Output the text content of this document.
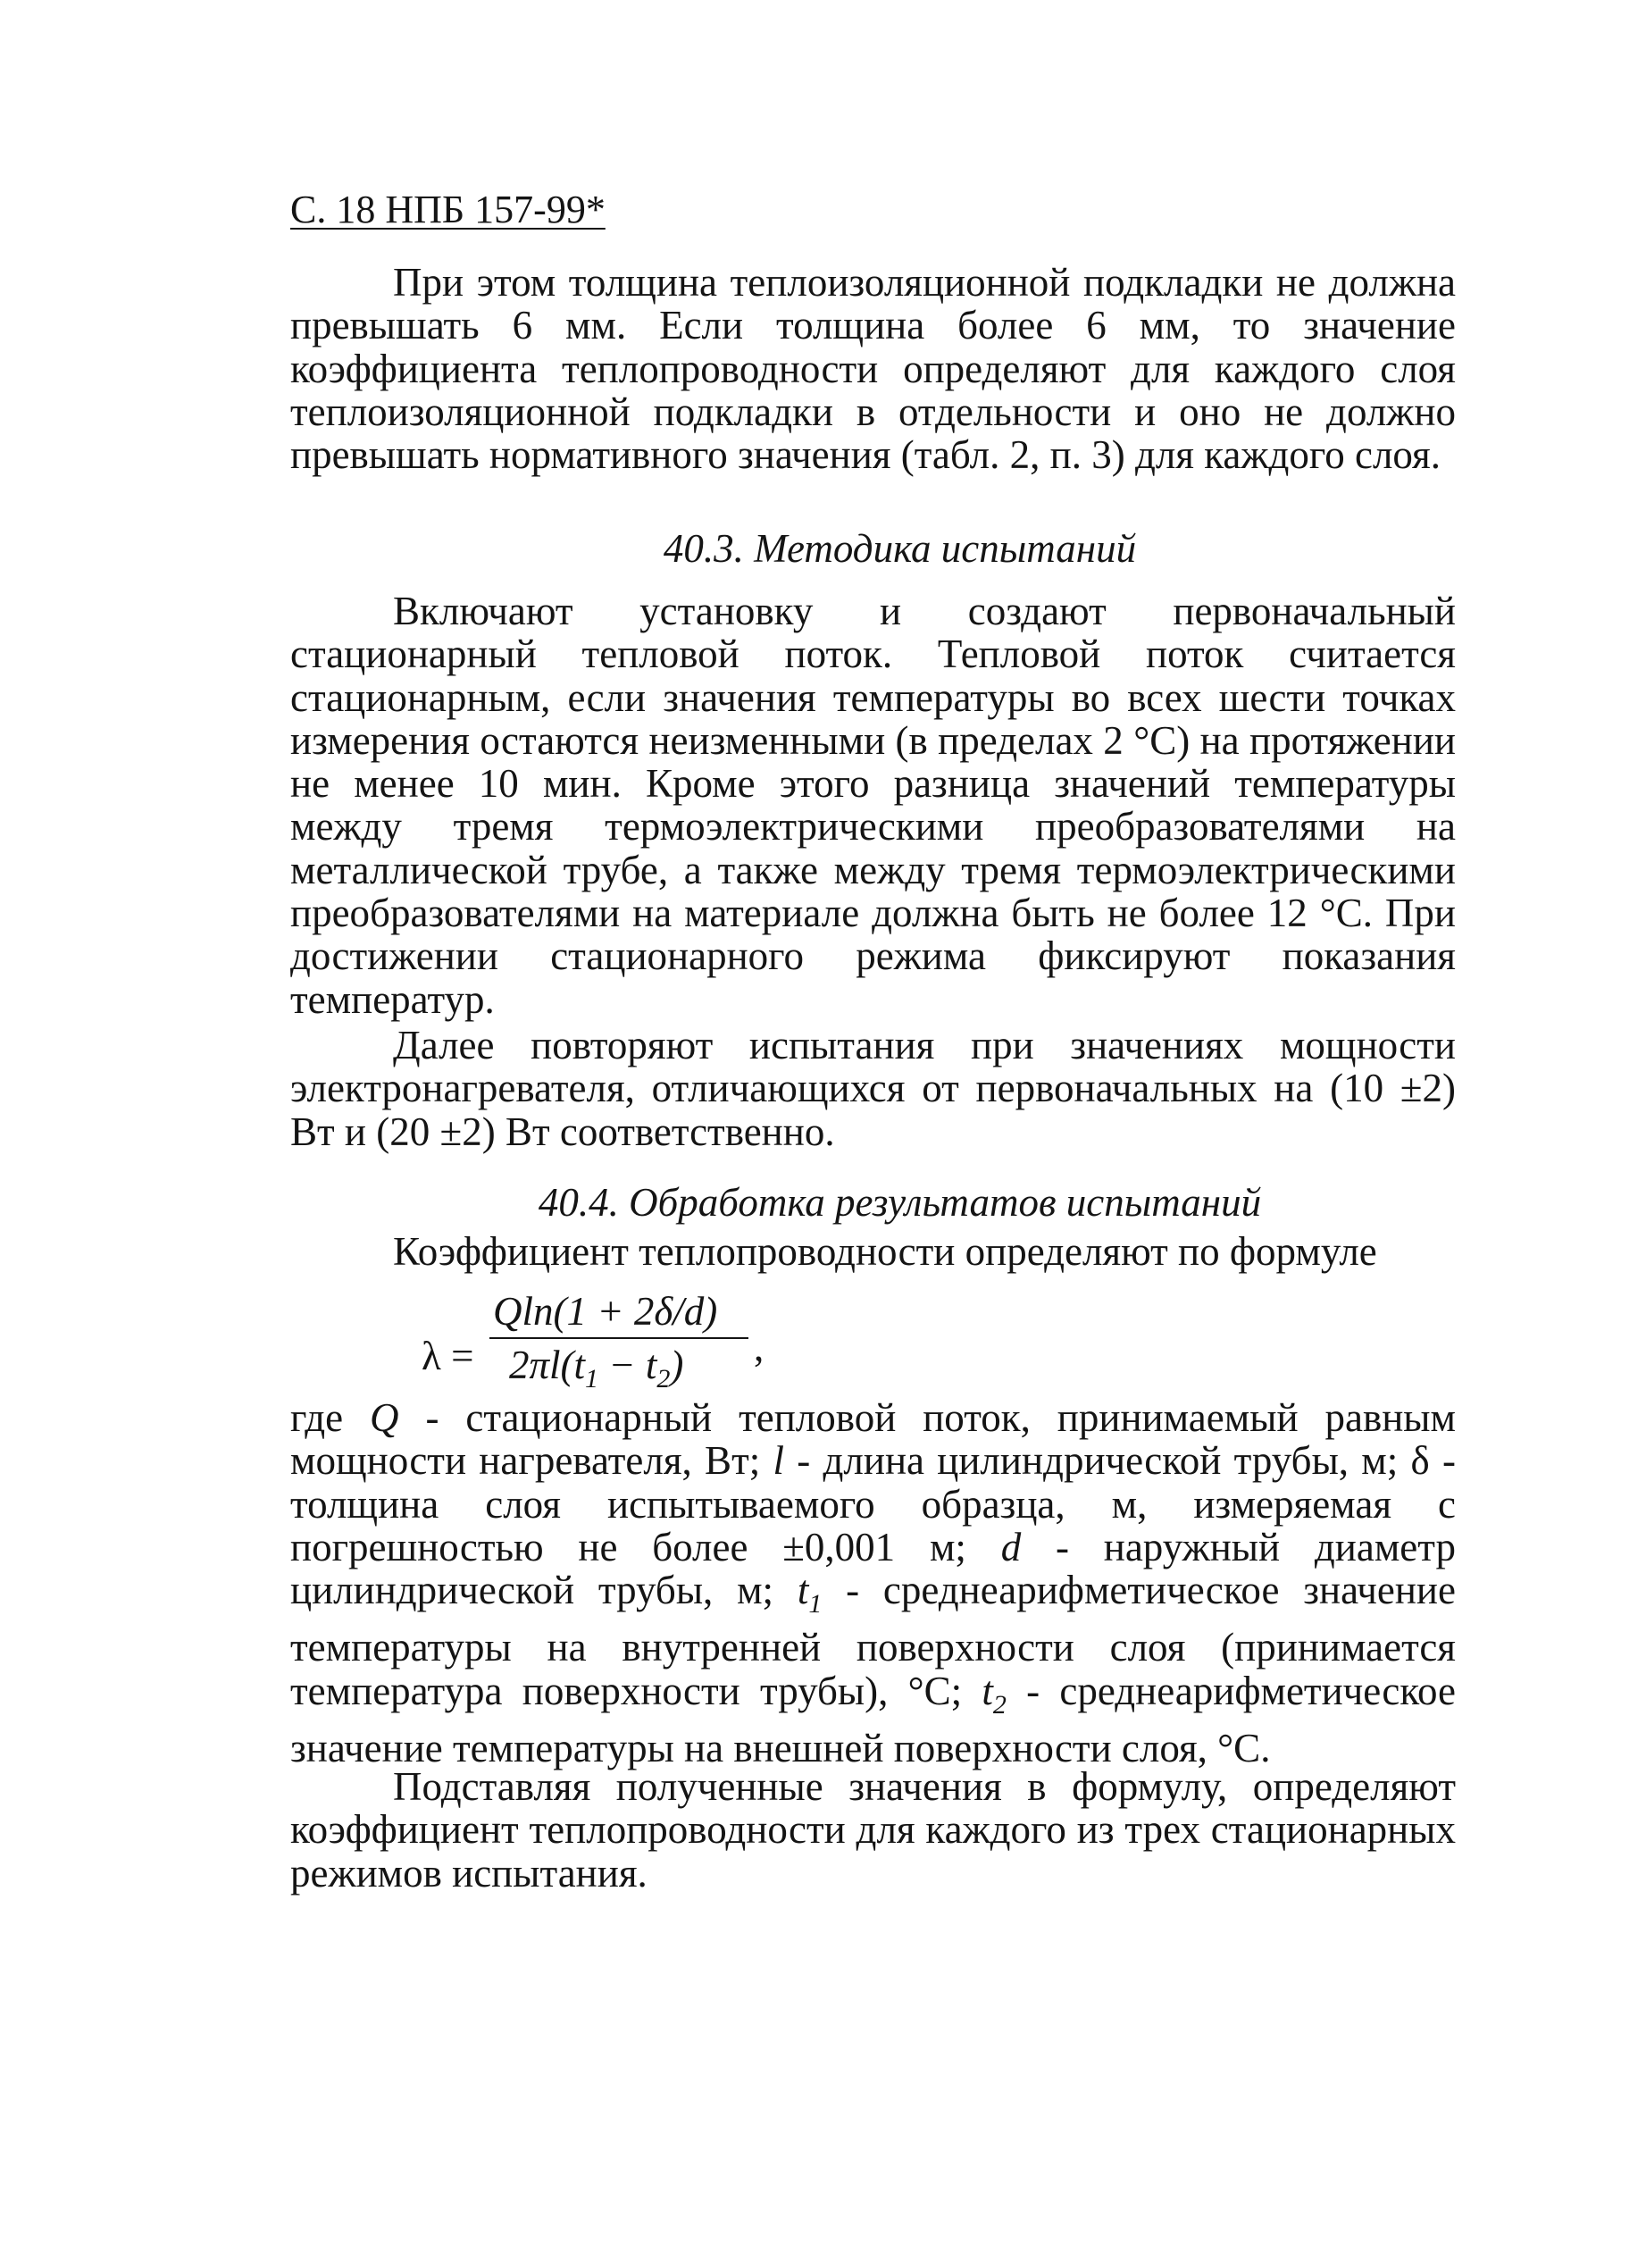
С. 18 НПБ 157-99*

При этом толщина теплоизоляционной подкладки не должна превышать 6 мм. Если толщина более 6 мм, то значение коэффициента теплопроводности определяют для каждого слоя теплоизоляционной подкладки в отдельности и оно не должно превышать нормативного значения (табл. 2, п. 3) для каждого слоя.

40.3. Методика испытаний

Включают установку и создают первоначальный стационарный тепловой поток. Тепловой поток считается стационарным, если значения температуры во всех шести точках измерения остаются неизменными (в пределах 2 °С) на протяжении не менее 10 мин. Кроме этого разница значений температуры между тремя термоэлектрическими преобразователями на металлической трубе, а также между тремя термоэлектрическими преобразователями на материале должна быть не более 12 °С. При достижении стационарного режима фиксируют показания температур.

Далее повторяют испытания при значениях мощности электронагревателя, отличающихся от первоначальных на (10 ±2) Вт и (20 ±2) Вт соответственно.

40.4. Обработка результатов испытаний
Коэффициент теплопроводности определяют по формуле
λ =
Qln(1 + 2δ/d)
$2\pi l(t_1 - t_2)$ ,

где Q - стационарный тепловой поток, принимаемый равным мощности нагревателя, Вт; l - длина цилиндрической трубы, м; δ - толщина слоя испытываемого образца, м, измеряемая с погрешностью не более ±0,001 м; d - наружный диаметр цилиндрической трубы, м; $t_1$ - среднеарифметическое значение температуры на внутренней поверхности слоя (принимается температура поверхности трубы), °С; $t_2$ - среднеарифметическое значение температуры на внешней поверхности слоя, °С.

Подставляя полученные значения в формулу, определяют коэффициент теплопроводности для каждого из трех стационарных режимов испытания.
